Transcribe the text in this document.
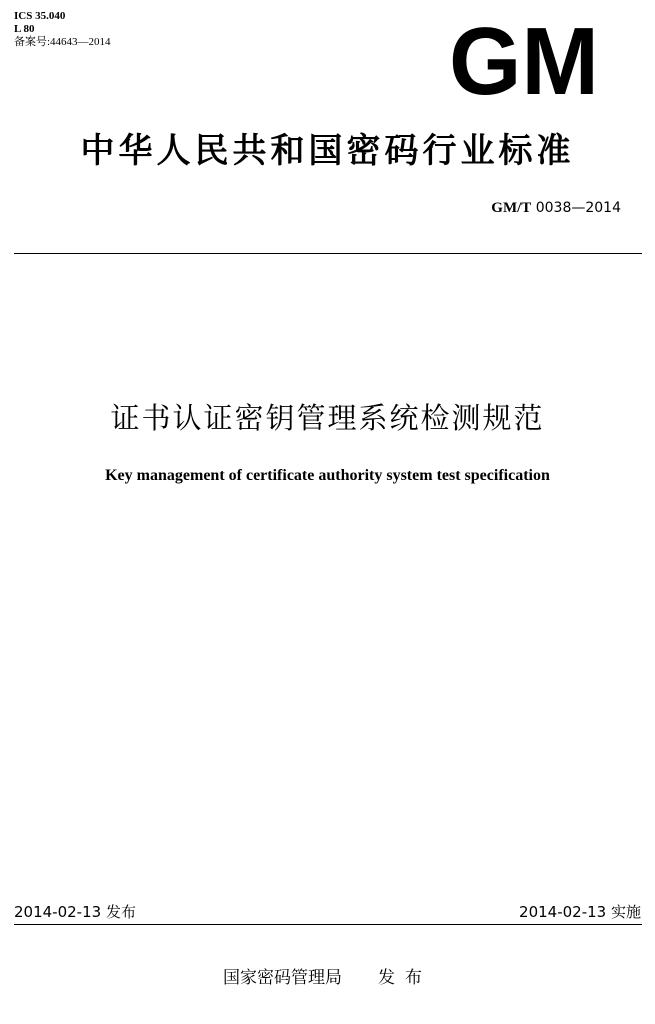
ICS 35.040
L 80
备案号:44643—2014	GM
中华人民共和国密码行业标准
GM/T 0038—2014
证书认证密钥管理系统检测规范
Key management of certificate authority system test specification
2014-02-13 发布	2014-02-13 实施
国家密码管理局 发布
